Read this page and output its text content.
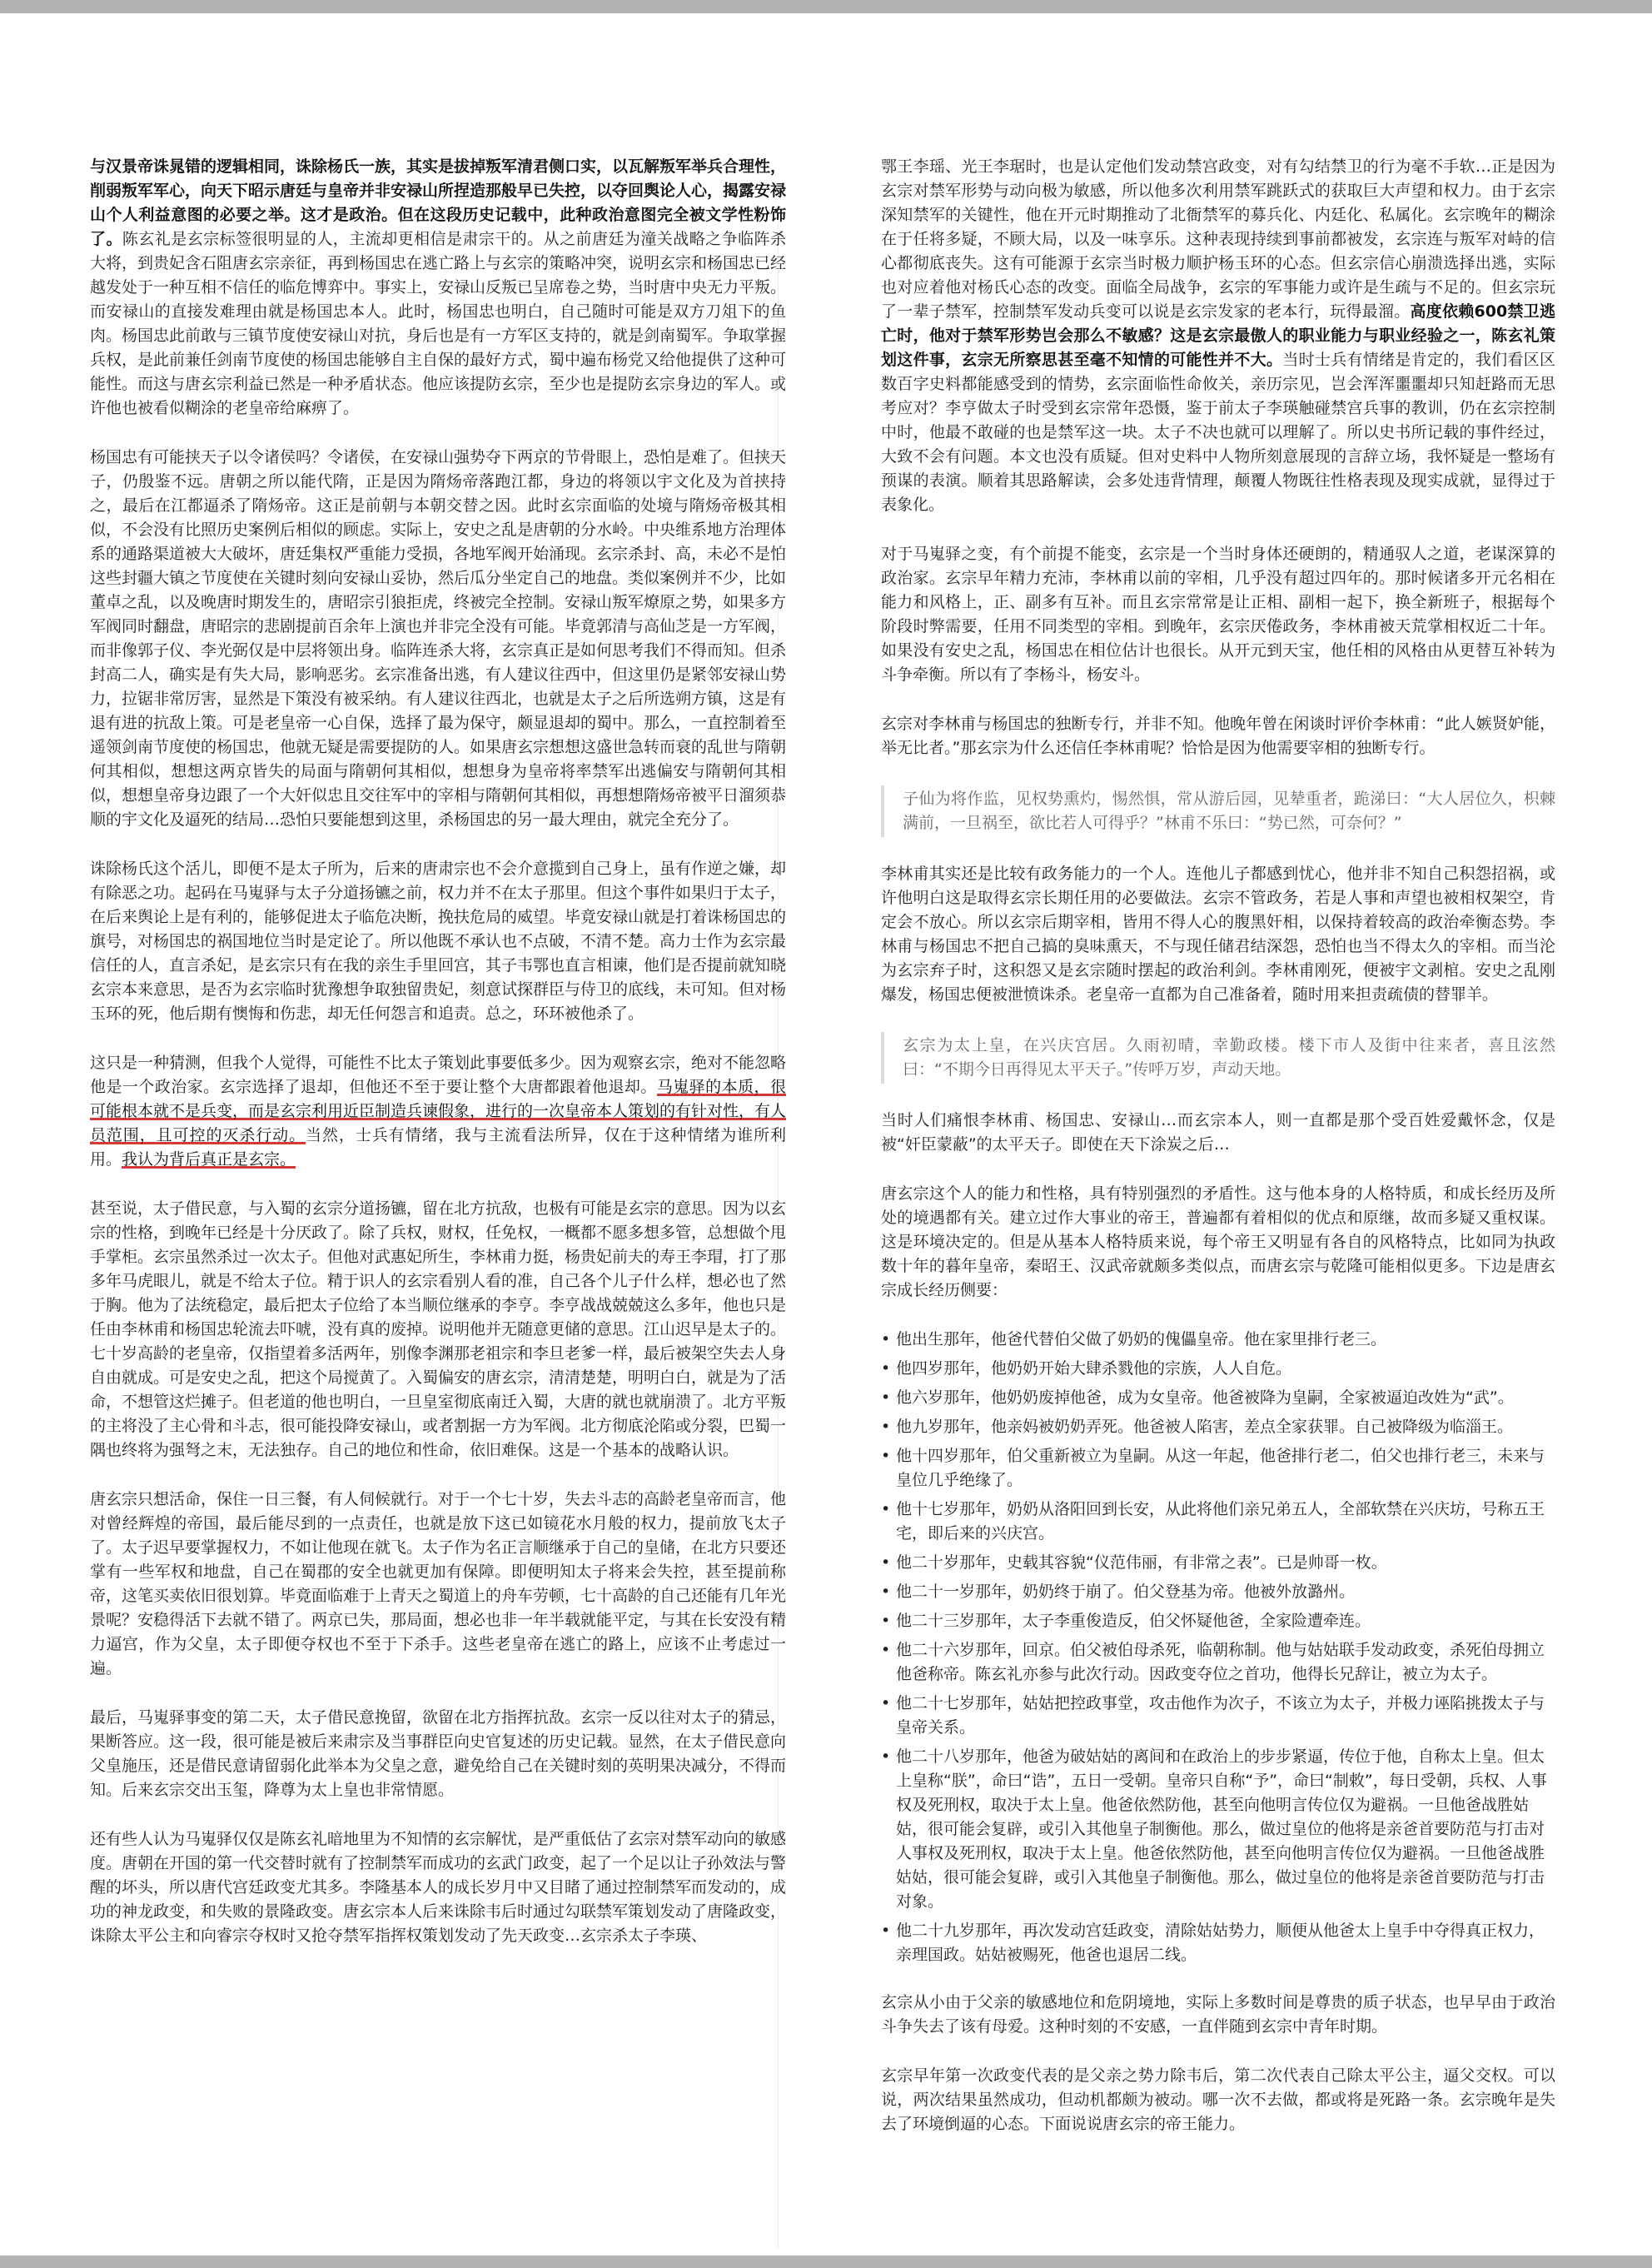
与汉景帝诛晁错的逻辑相同，诛除杨氏一族，其实是拔掉叛军清君侧口实，以瓦解叛军举兵合理性，削弱叛军军心，向天下昭示唐廷与皇帝并非安禄山所捏造那般早已失控，以夺回舆论人心，揭露安禄山个人利益意图的必要之举。这才是政治。但在这段历史记载中，此种政治意图完全被文学性粉饰了。陈玄礼是玄宗标签很明显的人，主流却更相信是肃宗干的。从之前唐廷为潼关战略之争临阵杀大将，到贵妃含石阻唐玄宗亲征，再到杨国忠在逃亡路上与玄宗的策略冲突，说明玄宗和杨国忠已经越发处于一种互相不信任的临危博弈中。事实上，安禄山反叛已呈席卷之势，当时唐中央无力平叛。而安禄山的直接发难理由就是杨国忠本人。此时，杨国忠也明白，自己随时可能是双方刀俎下的鱼肉。杨国忠此前敢与三镇节度使安禄山对抗，身后也是有一方军区支持的，就是剑南蜀军。争取掌握兵权，是此前兼任剑南节度使的杨国忠能够自主自保的最好方式，蜀中遍布杨党又给他提供了这种可能性。而这与唐玄宗利益已然是一种矛盾状态。他应该提防玄宗，至少也是提防玄宗身边的军人。或许他也被看似糊涂的老皇帝给麻痹了。

杨国忠有可能挟天子以令诸侯吗？令诸侯，在安禄山强势夺下两京的节骨眼上，恐怕是难了。但挟天子，仍殷鉴不远。唐朝之所以能代隋，正是因为隋炀帝落跑江都，身边的将领以宇文化及为首挟持之，最后在江都逼杀了隋炀帝。这正是前朝与本朝交替之因。此时玄宗面临的处境与隋炀帝极其相似，不会没有比照历史案例后相似的顾虑。实际上，安史之乱是唐朝的分水岭。中央维系地方治理体系的通路渠道被大大破坏，唐廷集权严重能力受损，各地军阀开始涌现。玄宗杀封、高，未必不是怕这些封疆大镇之节度使在关键时刻向安禄山妥协，然后瓜分坐定自己的地盘。类似案例并不少，比如董卓之乱，以及晚唐时期发生的，唐昭宗引狼拒虎，终被完全控制。安禄山叛军燎原之势，如果多方军阀同时翻盘，唐昭宗的悲剧提前百余年上演也并非完全没有可能。毕竟郭清与高仙芝是一方军阀，而非像郭子仪、李光弼仅是中层将领出身。临阵连杀大将，玄宗真正是如何思考我们不得而知。但杀封高二人，确实是有失大局，影响恶劣。玄宗准备出逃，有人建议往西中，但这里仍是紧邻安禄山势力，拉锯非常厉害，显然是下策没有被采纳。有人建议往西北，也就是太子之后所选朔方镇，这是有退有进的抗敌上策。可是老皇帝一心自保，选择了最为保守，颇显退却的蜀中。那么，一直控制着至遥领剑南节度使的杨国忠，他就无疑是需要提防的人。如果唐玄宗想想这盛世急转而衰的乱世与隋朝何其相似，想想这两京皆失的局面与隋朝何其相似，想想身为皇帝将率禁军出逃偏安与隋朝何其相似，想想皇帝身边跟了一个大奸似忠且交往军中的宰相与隋朝何其相似，再想想隋炀帝被平日溜须恭顺的宇文化及逼死的结局…恐怕只要能想到这里，杀杨国忠的另一最大理由，就完全充分了。

诛除杨氏这个活儿，即便不是太子所为，后来的唐肃宗也不会介意揽到自己身上，虽有作逆之嫌，却有除恶之功。起码在马嵬驿与太子分道扬镳之前，权力并不在太子那里。但这个事件如果归于太子，在后来舆论上是有利的，能够促进太子临危决断，挽扶危局的威望。毕竟安禄山就是打着诛杨国忠的旗号，对杨国忠的祸国地位当时是定论了。所以他既不承认也不点破，不清不楚。高力士作为玄宗最信任的人，直言杀妃，是玄宗只有在我的亲生手里回宫，其子韦鄂也直言相谏，他们是否提前就知晓玄宗本来意思，是否为玄宗临时犹豫想争取独留贵妃，刻意试探群臣与侍卫的底线，未可知。但对杨玉环的死，他后期有懊悔和伤悲，却无任何怨言和追责。总之，环环被他杀了。

这只是一种猜测，但我个人觉得，可能性不比太子策划此事要低多少。因为观察玄宗，绝对不能忽略他是一个政治家。玄宗选择了退却，但他还不至于要让整个大唐都跟着他退却。马嵬驿的本质，很可能根本就不是兵变，而是玄宗利用近臣制造兵谏假象，进行的一次皇帝本人策划的有针对性，有人员范围，且可控的灭杀行动。当然，士兵有情绪，我与主流看法所异，仅在于这种情绪为谁所利用。我认为背后真正是玄宗。

甚至说，太子借民意，与入蜀的玄宗分道扬镳，留在北方抗敌，也极有可能是玄宗的意思。因为以玄宗的性格，到晚年已经是十分厌政了。除了兵权，财权，任免权，一概都不愿多想多管，总想做个甩手掌柜。玄宗虽然杀过一次太子。但他对武惠妃所生，李林甫力挺，杨贵妃前夫的寿王李瑁，打了那多年马虎眼儿，就是不给太子位。精于识人的玄宗看别人看的准，自己各个儿子什么样，想必也了然于胸。他为了法统稳定，最后把太子位给了本当顺位继承的李亨。李亨战战兢兢这么多年，他也只是任由李林甫和杨国忠轮流去吓唬，没有真的废掉。说明他并无随意更储的意思。江山迟早是太子的。七十岁高龄的老皇帝，仅指望着多活两年，别像李渊那老祖宗和李旦老爹一样，最后被架空失去人身自由就成。可是安史之乱，把这个局搅黄了。入蜀偏安的唐玄宗，清清楚楚，明明白白，就是为了活命，不想管这烂摊子。但老道的他也明白，一旦皇室彻底南迁入蜀，大唐的就也就崩溃了。北方平叛的主将没了主心骨和斗志，很可能投降安禄山，或者割据一方为军阀。北方彻底沦陷或分裂，巴蜀一隅也终将为强弩之末，无法独存。自己的地位和性命，依旧难保。这是一个基本的战略认识。

唐玄宗只想活命，保住一日三餐，有人伺候就行。对于一个七十岁，失去斗志的高龄老皇帝而言，他对曾经辉煌的帝国，最后能尽到的一点责任，也就是放下这已如镜花水月般的权力，提前放飞太子了。太子迟早要掌握权力，不如让他现在就飞。太子作为名正言顺继承于自己的皇储，在北方只要还掌有一些军权和地盘，自己在蜀郡的安全也就更加有保障。即便明知太子将来会失控，甚至提前称帝，这笔买卖依旧很划算。毕竟面临难于上青天之蜀道上的舟车劳顿，七十高龄的自己还能有几年光景呢？安稳得活下去就不错了。两京已失，那局面，想必也非一年半载就能平定，与其在长安没有精力逼宫，作为父皇，太子即便夺权也不至于下杀手。这些老皇帝在逃亡的路上，应该不止考虑过一遍。

最后，马嵬驿事变的第二天，太子借民意挽留，欲留在北方指挥抗敌。玄宗一反以往对太子的猜忌，果断答应。这一段，很可能是被后来肃宗及当事群臣向史官复述的历史记载。显然，在太子借民意向父皇施压，还是借民意请留弱化此举本为父皇之意，避免给自己在关键时刻的英明果决减分，不得而知。后来玄宗交出玉玺，降尊为太上皇也非常情愿。

还有些人认为马嵬驿仅仅是陈玄礼暗地里为不知情的玄宗解忧，是严重低估了玄宗对禁军动向的敏感度。唐朝在开国的第一代交替时就有了控制禁军而成功的玄武门政变，起了一个足以让子孙效法与警醒的坏头，所以唐代宫廷政变尤其多。李隆基本人的成长岁月中又目睹了通过控制禁军而发动的，成功的神龙政变，和失败的景隆政变。唐玄宗本人后来诛除韦后时通过勾联禁军策划发动了唐隆政变，诛除太平公主和向睿宗夺权时又抢夺禁军指挥权策划发动了先天政变…玄宗杀太子李瑛、

鄂王李瑶、光王李琚时，也是认定他们发动禁宫政变，对有勾结禁卫的行为毫不手软…正是因为玄宗对禁军形势与动向极为敏感，所以他多次利用禁军跳跃式的获取巨大声望和权力。由于玄宗深知禁军的关键性，他在开元时期推动了北衙禁军的募兵化、内廷化、私属化。玄宗晚年的糊涂在于任将多疑，不顾大局，以及一味享乐。这种表现持续到事前都被发，玄宗连与叛军对峙的信心都彻底丧失。这有可能源于玄宗当时极力顺护杨玉环的心态。但玄宗信心崩溃选择出逃，实际也对应着他对杨氏心态的改变。面临全局战争，玄宗的军事能力或许是生疏与不足的。但玄宗玩了一辈子禁军，控制禁军发动兵变可以说是玄宗发家的老本行，玩得最溜。高度依赖600禁卫逃亡时，他对于禁军形势岂会那么不敏感？这是玄宗最傲人的职业能力与职业经验之一，陈玄礼策划这件事，玄宗无所察思甚至毫不知情的可能性并不大。当时士兵有情绪是肯定的，我们看区区数百字史料都能感受到的情势，玄宗面临性命攸关，亲历宗见，岂会浑浑噩噩却只知赶路而无思考应对？李亨做太子时受到玄宗常年恐慑，鉴于前太子李瑛触碰禁宫兵事的教训，仍在玄宗控制中时，他最不敢碰的也是禁军这一块。太子不决也就可以理解了。所以史书所记载的事件经过，大致不会有问题。本文也没有质疑。但对史料中人物所刻意展现的言辞立场，我怀疑是一整场有预谋的表演。顺着其思路解读，会多处违背情理，颠覆人物既往性格表现及现实成就，显得过于表象化。

对于马嵬驿之变，有个前提不能变，玄宗是一个当时身体还硬朗的，精通驭人之道，老谋深算的政治家。玄宗早年精力充沛，李林甫以前的宰相，几乎没有超过四年的。那时候诸多开元名相在能力和风格上，正、副多有互补。而且玄宗常常是让正相、副相一起下，换全新班子，根据每个阶段时弊需要，任用不同类型的宰相。到晚年，玄宗厌倦政务，李林甫被天荒掌相权近二十年。如果没有安史之乱，杨国忠在相位估计也很长。从开元到天宝，他任相的风格由从更替互补转为斗争牵衡。所以有了李杨斗，杨安斗。

玄宗对李林甫与杨国忠的独断专行，并非不知。他晚年曾在闲谈时评价李林甫：“此人嫉贤妒能，举无比者。”那玄宗为什么还信任李林甫呢？恰恰是因为他需要宰相的独断专行。

子仙为将作监，见权势熏灼，惕然惧，常从游后园，见辇重者，跪涕曰：“大人居位久，枳棘满前，一旦祸至，欲比若人可得乎？”林甫不乐曰：“势已然，可奈何？”

李林甫其实还是比较有政务能力的一个人。连他儿子都感到忧心，他并非不知自己积怨招祸，或许他明白这是取得玄宗长期任用的必要做法。玄宗不管政务，若是人事和声望也被相权架空，肯定会不放心。所以玄宗后期宰相，皆用不得人心的腹黑奸相，以保持着较高的政治牵衡态势。李林甫与杨国忠不把自己搞的臭味熏天，不与现任储君结深怨，恐怕也当不得太久的宰相。而当沦为玄宗弃子时，这积怨又是玄宗随时摆起的政治利剑。李林甫刚死，便被宇文剥棺。安史之乱刚爆发，杨国忠便被泄愤诛杀。老皇帝一直都为自己准备着，随时用来担责疏债的替罪羊。

玄宗为太上皇，在兴庆宫居。久雨初晴，幸勤政楼。楼下市人及街中往来者，喜且泫然曰：“不期今日再得见太平天子。”传呼万岁，声动天地。

当时人们痛恨李林甫、杨国忠、安禄山…而玄宗本人，则一直都是那个受百姓爱戴怀念，仅是被“奸臣蒙蔽”的太平天子。即使在天下涂炭之后…

唐玄宗这个人的能力和性格，具有特别强烈的矛盾性。这与他本身的人格特质，和成长经历及所处的境遇都有关。建立过作大事业的帝王，普遍都有着相似的优点和原继，故而多疑又重权谋。这是环境决定的。但是从基本人格特质来说，每个帝王又明显有各自的风格特点，比如同为执政数十年的暮年皇帝，秦昭王、汉武帝就颇多类似点，而唐玄宗与乾隆可能相似更多。下边是唐玄宗成长经历侧要：

• 他出生那年，他爸代替伯父做了奶奶的傀儡皇帝。他在家里排行老三。
• 他四岁那年，他奶奶开始大肆杀戮他的宗族，人人自危。
• 他六岁那年，他奶奶废掉他爸，成为女皇帝。他爸被降为皇嗣，全家被逼迫改姓为“武”。
• 他九岁那年，他亲妈被奶奶弄死。他爸被人陷害，差点全家获罪。自己被降级为临淄王。
• 他十四岁那年，伯父重新被立为皇嗣。从这一年起，他爸排行老二，伯父也排行老三，未来与皇位几乎绝缘了。
• 他十七岁那年，奶奶从洛阳回到长安，从此将他们亲兄弟五人，全部软禁在兴庆坊，号称五王宅，即后来的兴庆宫。
• 他二十岁那年，史载其容貌“仪范伟丽，有非常之表”。已是帅哥一枚。
• 他二十一岁那年，奶奶终于崩了。伯父登基为帝。他被外放潞州。
• 他二十三岁那年，太子李重俊造反，伯父怀疑他爸，全家险遭牵连。
• 他二十六岁那年，回京。伯父被伯母杀死，临朝称制。他与姑姑联手发动政变，杀死伯母拥立他爸称帝。陈玄礼亦参与此次行动。因政变夺位之首功，他得长兄辞让，被立为太子。
• 他二十七岁那年，姑姑把控政事堂，攻击他作为次子，不该立为太子，并极力诬陷挑拨太子与皇帝关系。
• 他二十八岁那年，他爸为破姑姑的离间和在政治上的步步紧逼，传位于他，自称太上皇。但太上皇称“朕”，命曰“诰”，五日一受朝。皇帝只自称“予”，命曰“制敕”，每日受朝，兵权、人事权及死刑权，取决于太上皇。他爸依然防他，甚至向他明言传位仅为避祸。一旦他爸战胜姑姑，很可能会复辟，或引入其他皇子制衡他。那么，做过皇位的他将是亲爸首要防范与打击对人事权及死刑权，取决于太上皇。他爸依然防他，甚至向他明言传位仅为避祸。一旦他爸战胜姑姑，很可能会复辟，或引入其他皇子制衡他。那么，做过皇位的他将是亲爸首要防范与打击对象。
• 他二十九岁那年，再次发动宫廷政变，清除姑姑势力，顺便从他爸太上皇手中夺得真正权力，亲理国政。姑姑被赐死，他爸也退居二线。

玄宗从小由于父亲的敏感地位和危阴境地，实际上多数时间是尊贵的质子状态，也早早由于政治斗争失去了该有母爱。这种时刻的不安感，一直伴随到玄宗中青年时期。

玄宗早年第一次政变代表的是父亲之势力除韦后，第二次代表自己除太平公主，逼父交权。可以说，两次结果虽然成功，但动机都颇为被动。哪一次不去做，都或将是死路一条。玄宗晚年是失去了环境倒逼的心态。下面说说唐玄宗的帝王能力。
